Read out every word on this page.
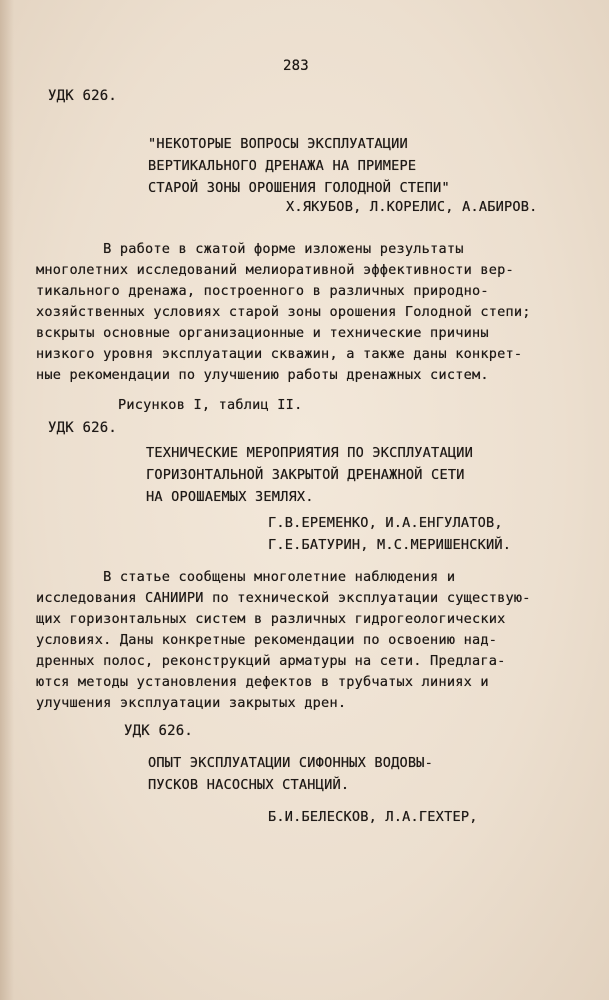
283
УДК 626.
"НЕКОТОРЫЕ ВОПРОСЫ ЭКСПЛУАТАЦИИ
ВЕРТИКАЛЬНОГО ДРЕНАЖА НА ПРИМЕРЕ
СТАРОЙ ЗОНЫ ОРОШЕНИЯ ГОЛОДНОЙ СТЕПИ"
Х.ЯКУБОВ, Л.КОРЕЛИС, А.АБИРОВ.
В работе в сжатой форме изложены результаты
многолетних исследований мелиоративной эффективности вер-
тикального дренажа, построенного в различных природно-
хозяйственных условиях старой зоны орошения Голодной степи;
вскрыты основные организационные и технические причины
низкого уровня эксплуатации скважин, а также даны конкрет-
ные рекомендации по улучшению работы дренажных систем.
Рисунков I, таблиц II.
УДК 626.
ТЕХНИЧЕСКИЕ МЕРОПРИЯТИЯ ПО ЭКСПЛУАТАЦИИ
ГОРИЗОНТАЛЬНОЙ ЗАКРЫТОЙ ДРЕНАЖНОЙ СЕТИ
НА ОРОШАЕМЫХ ЗЕМЛЯХ.
Г.В.ЕРЕМЕНКО, И.А.ЕНГУЛАТОВ,
Г.Е.БАТУРИН, М.С.МЕРИШЕНСКИЙ.
В статье сообщены многолетние наблюдения и
исследования САНИИРИ по технической эксплуатации существую-
щих горизонтальных систем в различных гидрогеологических
условиях. Даны конкретные рекомендации по освоению над-
дренных полос, реконструкций арматуры на сети. Предлага-
ются методы установления дефектов в трубчатых линиях и
улучшения эксплуатации закрытых дрен.
УДК 626.
ОПЫТ ЭКСПЛУАТАЦИИ СИФОННЫХ ВОДОВЫ-
ПУСКОВ НАСОСНЫХ СТАНЦИЙ.
Б.И.БЕЛЕСКОВ, Л.А.ГЕХТЕР,
